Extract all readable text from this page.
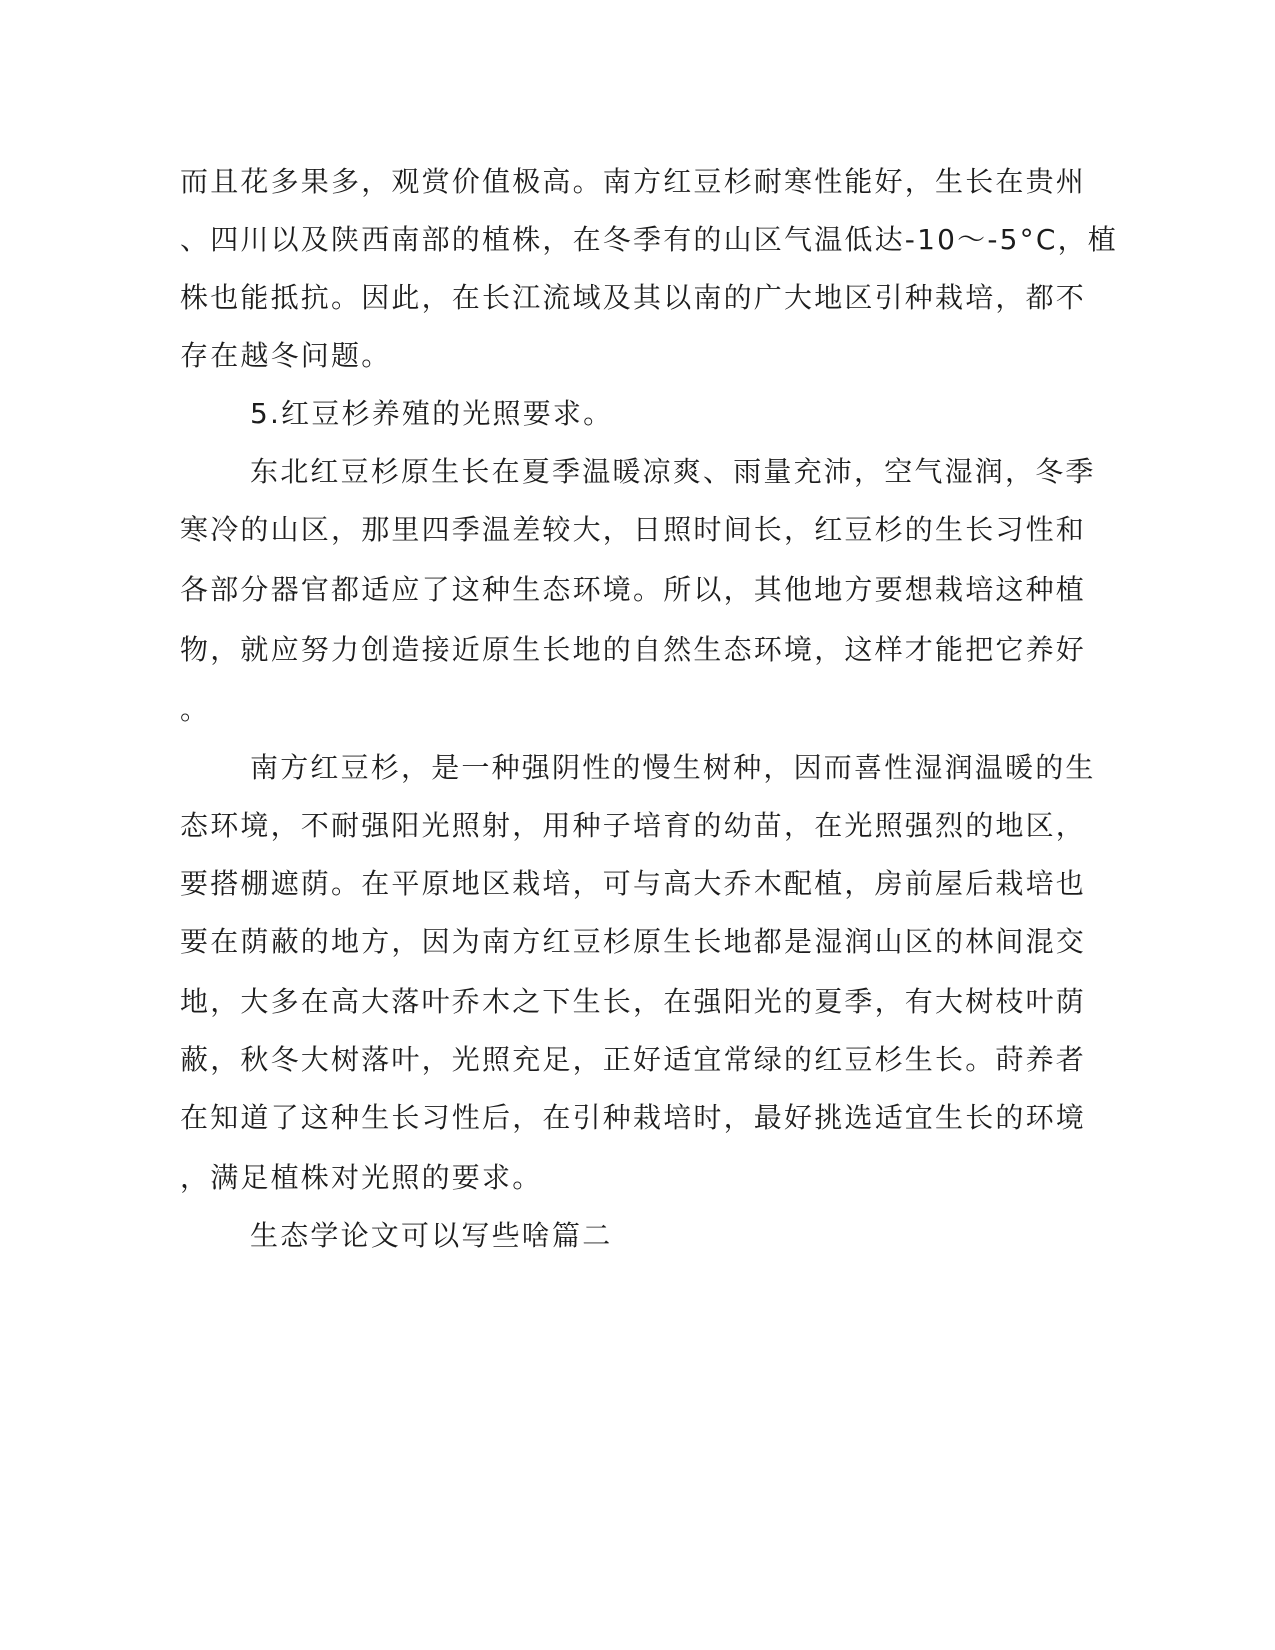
而且花多果多，观赏价值极高。南方红豆杉耐寒性能好，生长在贵州

、四川以及陕西南部的植株，在冬季有的山区气温低达-10～-5°C，植

株也能抵抗。因此，在长江流域及其以南的广大地区引种栽培，都不

存在越冬问题。

5.红豆杉养殖的光照要求。

东北红豆杉原生长在夏季温暖凉爽、雨量充沛，空气湿润，冬季

寒冷的山区，那里四季温差较大，日照时间长，红豆杉的生长习性和

各部分器官都适应了这种生态环境。所以，其他地方要想栽培这种植

物，就应努力创造接近原生长地的自然生态环境，这样才能把它养好

。

南方红豆杉，是一种强阴性的慢生树种，因而喜性湿润温暖的生

态环境，不耐强阳光照射，用种子培育的幼苗，在光照强烈的地区，

要搭棚遮荫。在平原地区栽培，可与高大乔木配植，房前屋后栽培也

要在荫蔽的地方，因为南方红豆杉原生长地都是湿润山区的林间混交

地，大多在高大落叶乔木之下生长，在强阳光的夏季，有大树枝叶荫

蔽，秋冬大树落叶，光照充足，正好适宜常绿的红豆杉生长。莳养者

在知道了这种生长习性后，在引种栽培时，最好挑选适宜生长的环境

，满足植株对光照的要求。

生态学论文可以写些啥篇二
